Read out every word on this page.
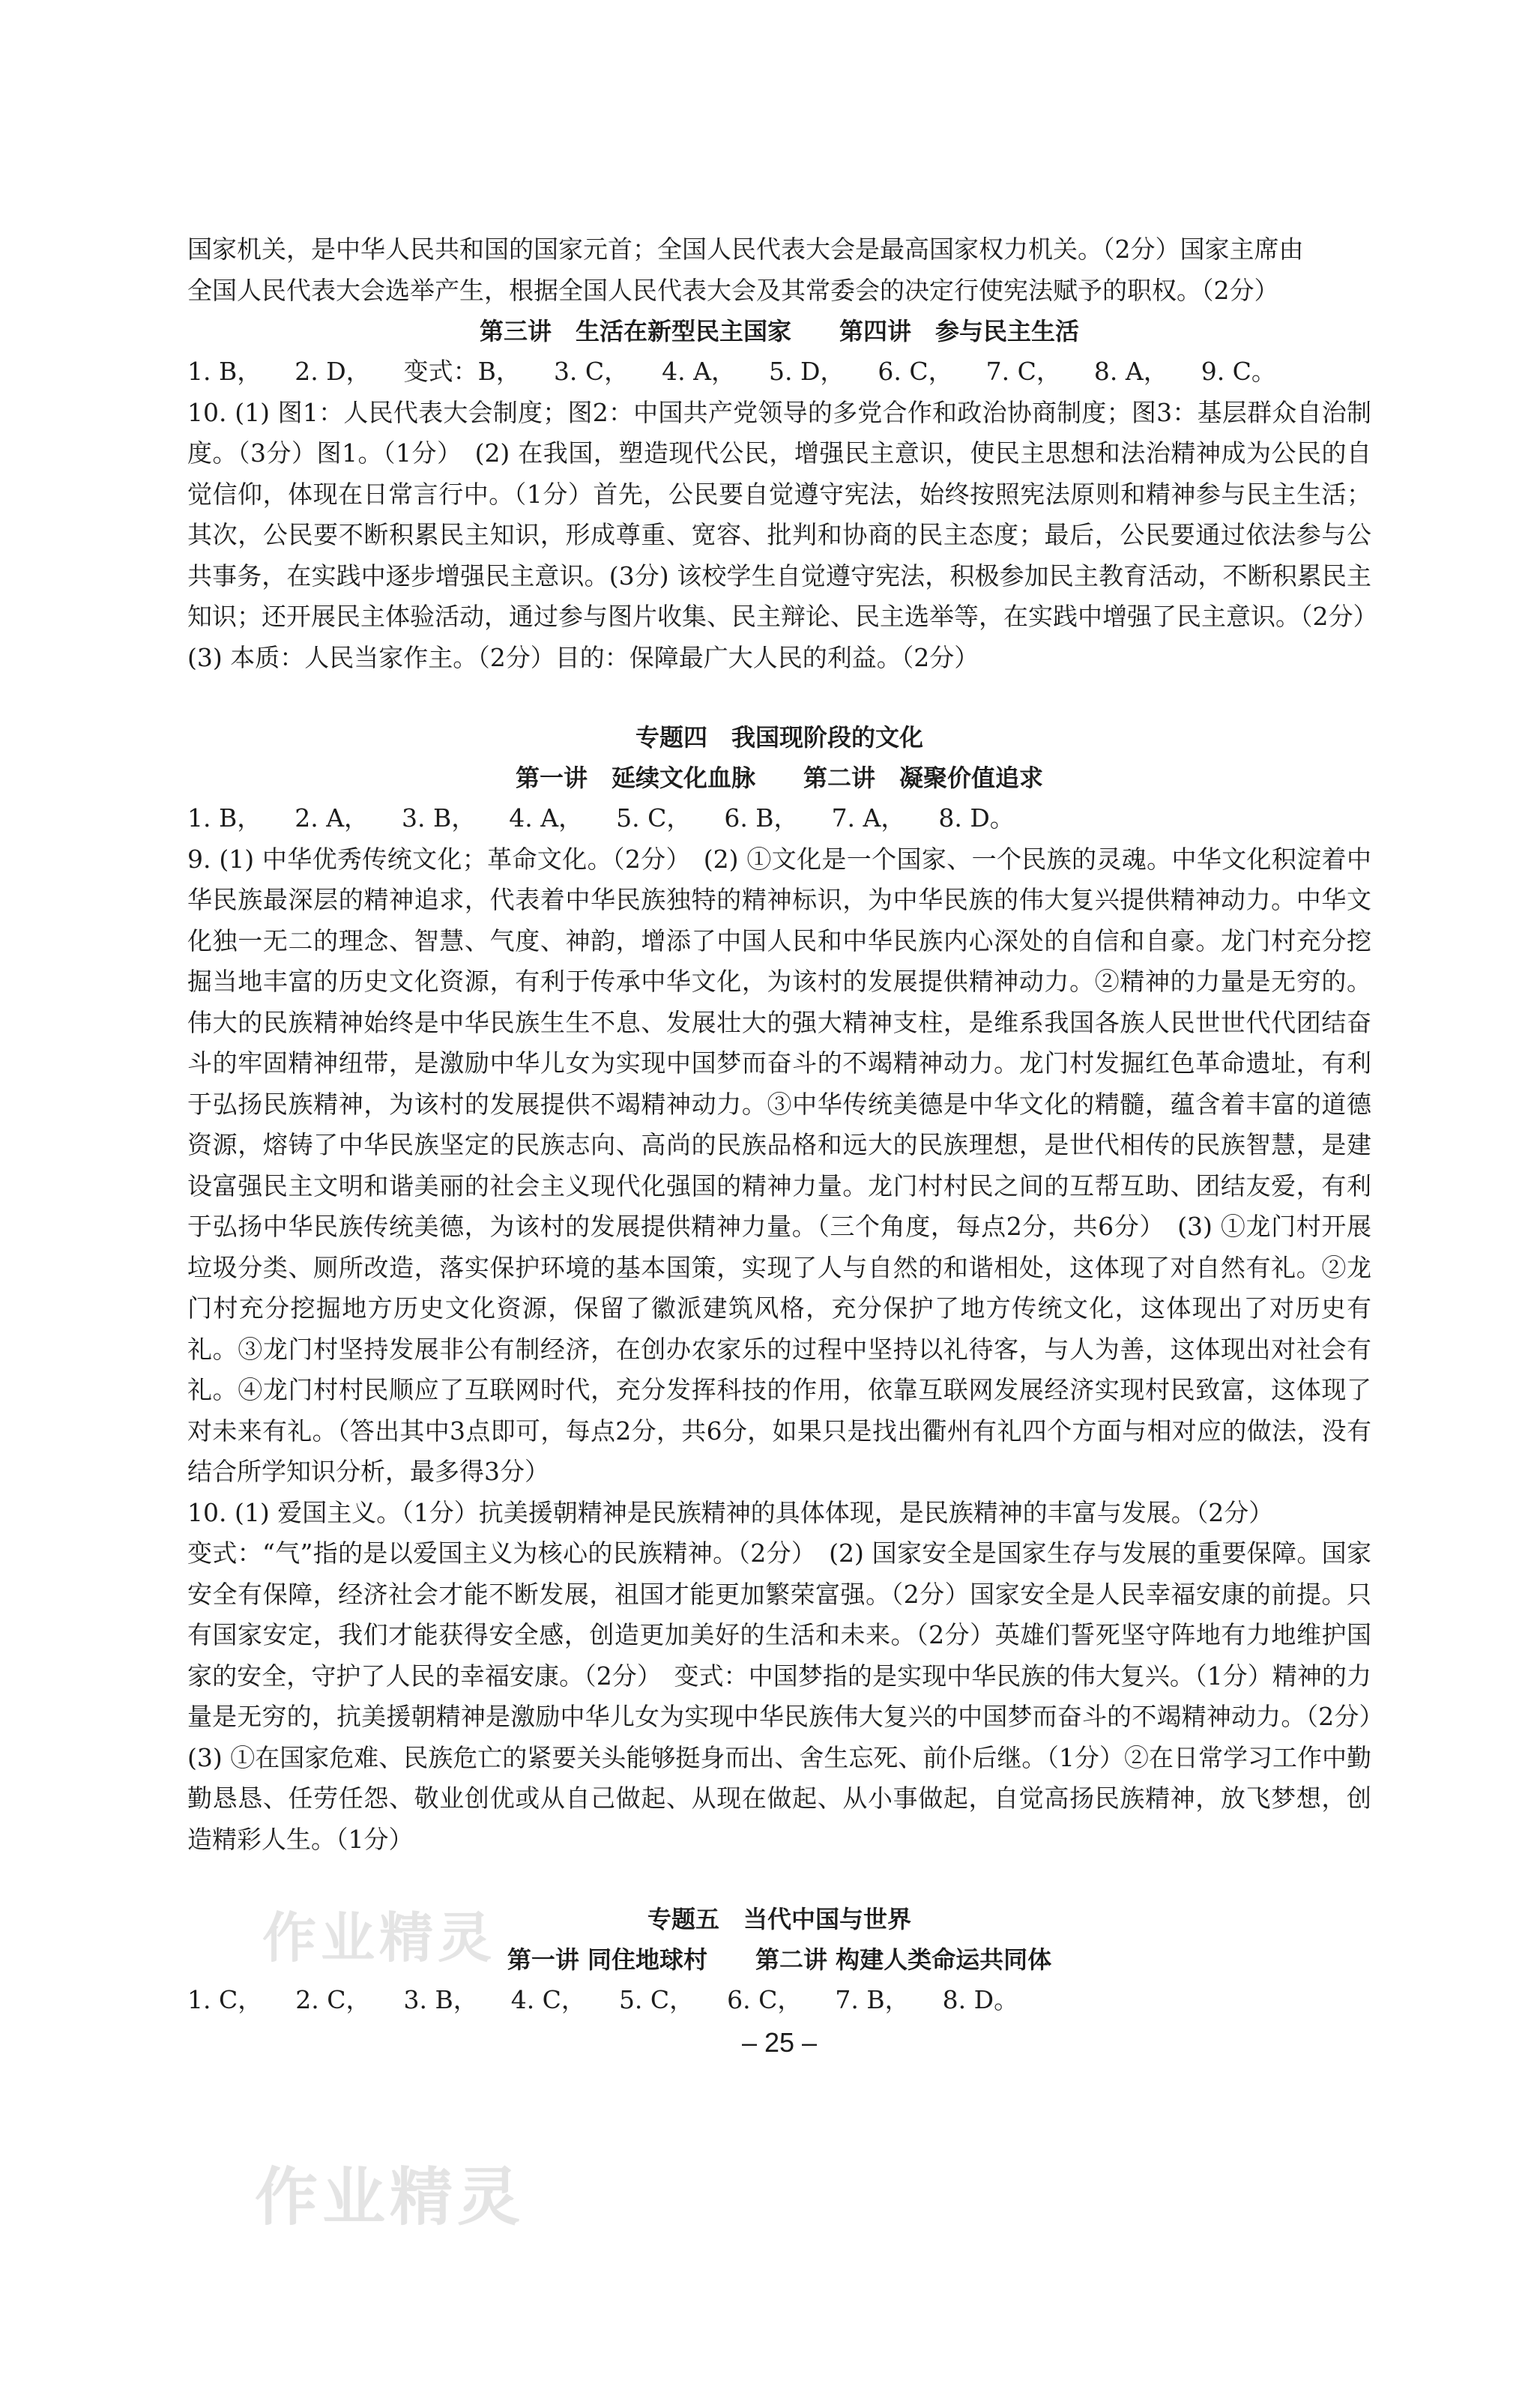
国家机关，是中华人民共和国的国家元首；全国人民代表大会是最高国家权力机关。（2分）国家主席由

全国人民代表大会选举产生，根据全国人民代表大会及其常委会的决定行使宪法赋予的职权。（2分）

第三讲　生活在新型民主国家　　第四讲　参与民主生活

1. B， 2. D， 变式：B， 3. C， 4. A， 5. D， 6. C， 7. C， 8. A， 9. C。

10. (1) 图1：人民代表大会制度；图2：中国共产党领导的多党合作和政治协商制度；图3：基层群众自治制度。（3分）图1。（1分）　(2) 在我国，塑造现代公民，增强民主意识，使民主思想和法治精神成为公民的自觉信仰，体现在日常言行中。（1分）首先，公民要自觉遵守宪法，始终按照宪法原则和精神参与民主生活；其次，公民要不断积累民主知识，形成尊重、宽容、批判和协商的民主态度；最后，公民要通过依法参与公共事务，在实践中逐步增强民主意识。(3分) 该校学生自觉遵守宪法，积极参加民主教育活动，不断积累民主知识；还开展民主体验活动，通过参与图片收集、民主辩论、民主选举等，在实践中增强了民主意识。（2分）

(3) 本质：人民当家作主。（2分）目的：保障最广大人民的利益。（2分）

专题四　我国现阶段的文化

第一讲　延续文化血脉　　第二讲　凝聚价值追求

1. B， 2. A， 3. B， 4. A， 5. C， 6. B， 7. A， 8. D。

9. (1) 中华优秀传统文化；革命文化。（2分）　(2) ①文化是一个国家、一个民族的灵魂。中华文化积淀着中华民族最深层的精神追求，代表着中华民族独特的精神标识，为中华民族的伟大复兴提供精神动力。中华文化独一无二的理念、智慧、气度、神韵，增添了中国人民和中华民族内心深处的自信和自豪。龙门村充分挖掘当地丰富的历史文化资源，有利于传承中华文化，为该村的发展提供精神动力。②精神的力量是无穷的。伟大的民族精神始终是中华民族生生不息、发展壮大的强大精神支柱，是维系我国各族人民世世代代团结奋斗的牢固精神纽带，是激励中华儿女为实现中国梦而奋斗的不竭精神动力。龙门村发掘红色革命遗址，有利于弘扬民族精神，为该村的发展提供不竭精神动力。③中华传统美德是中华文化的精髓，蕴含着丰富的道德资源，熔铸了中华民族坚定的民族志向、高尚的民族品格和远大的民族理想，是世代相传的民族智慧，是建设富强民主文明和谐美丽的社会主义现代化强国的精神力量。龙门村村民之间的互帮互助、团结友爱，有利于弘扬中华民族传统美德，为该村的发展提供精神力量。（三个角度，每点2分，共6分）　(3) ①龙门村开展垃圾分类、厕所改造，落实保护环境的基本国策，实现了人与自然的和谐相处，这体现了对自然有礼。②龙门村充分挖掘地方历史文化资源，保留了徽派建筑风格，充分保护了地方传统文化，这体现出了对历史有礼。③龙门村坚持发展非公有制经济，在创办农家乐的过程中坚持以礼待客，与人为善，这体现出对社会有礼。④龙门村村民顺应了互联网时代，充分发挥科技的作用，依靠互联网发展经济实现村民致富，这体现了对未来有礼。（答出其中3点即可，每点2分，共6分，如果只是找出衢州有礼四个方面与相对应的做法，没有结合所学知识分析，最多得3分）

10. (1) 爱国主义。（1分）抗美援朝精神是民族精神的具体体现，是民族精神的丰富与发展。（2分）

变式：“气”指的是以爱国主义为核心的民族精神。（2分）　(2) 国家安全是国家生存与发展的重要保障。国家安全有保障，经济社会才能不断发展，祖国才能更加繁荣富强。（2分）国家安全是人民幸福安康的前提。只有国家安定，我们才能获得安全感，创造更加美好的生活和未来。（2分）英雄们誓死坚守阵地有力地维护国家的安全，守护了人民的幸福安康。（2分）　变式：中国梦指的是实现中华民族的伟大复兴。（1分）精神的力量是无穷的，抗美援朝精神是激励中华儿女为实现中华民族伟大复兴的中国梦而奋斗的不竭精神动力。（2分）　(3) ①在国家危难、民族危亡的紧要关头能够挺身而出、舍生忘死、前仆后继。（1分）②在日常学习工作中勤勤恳恳、任劳任怨、敬业创优或从自己做起、从现在做起、从小事做起，自觉高扬民族精神，放飞梦想，创造精彩人生。（1分）

专题五　当代中国与世界

第一讲 同住地球村　　第二讲 构建人类命运共同体

1. C， 2. C， 3. B， 4. C， 5. C， 6. C， 7. B， 8. D。

– 25 –

作业精灵
作业精灵
